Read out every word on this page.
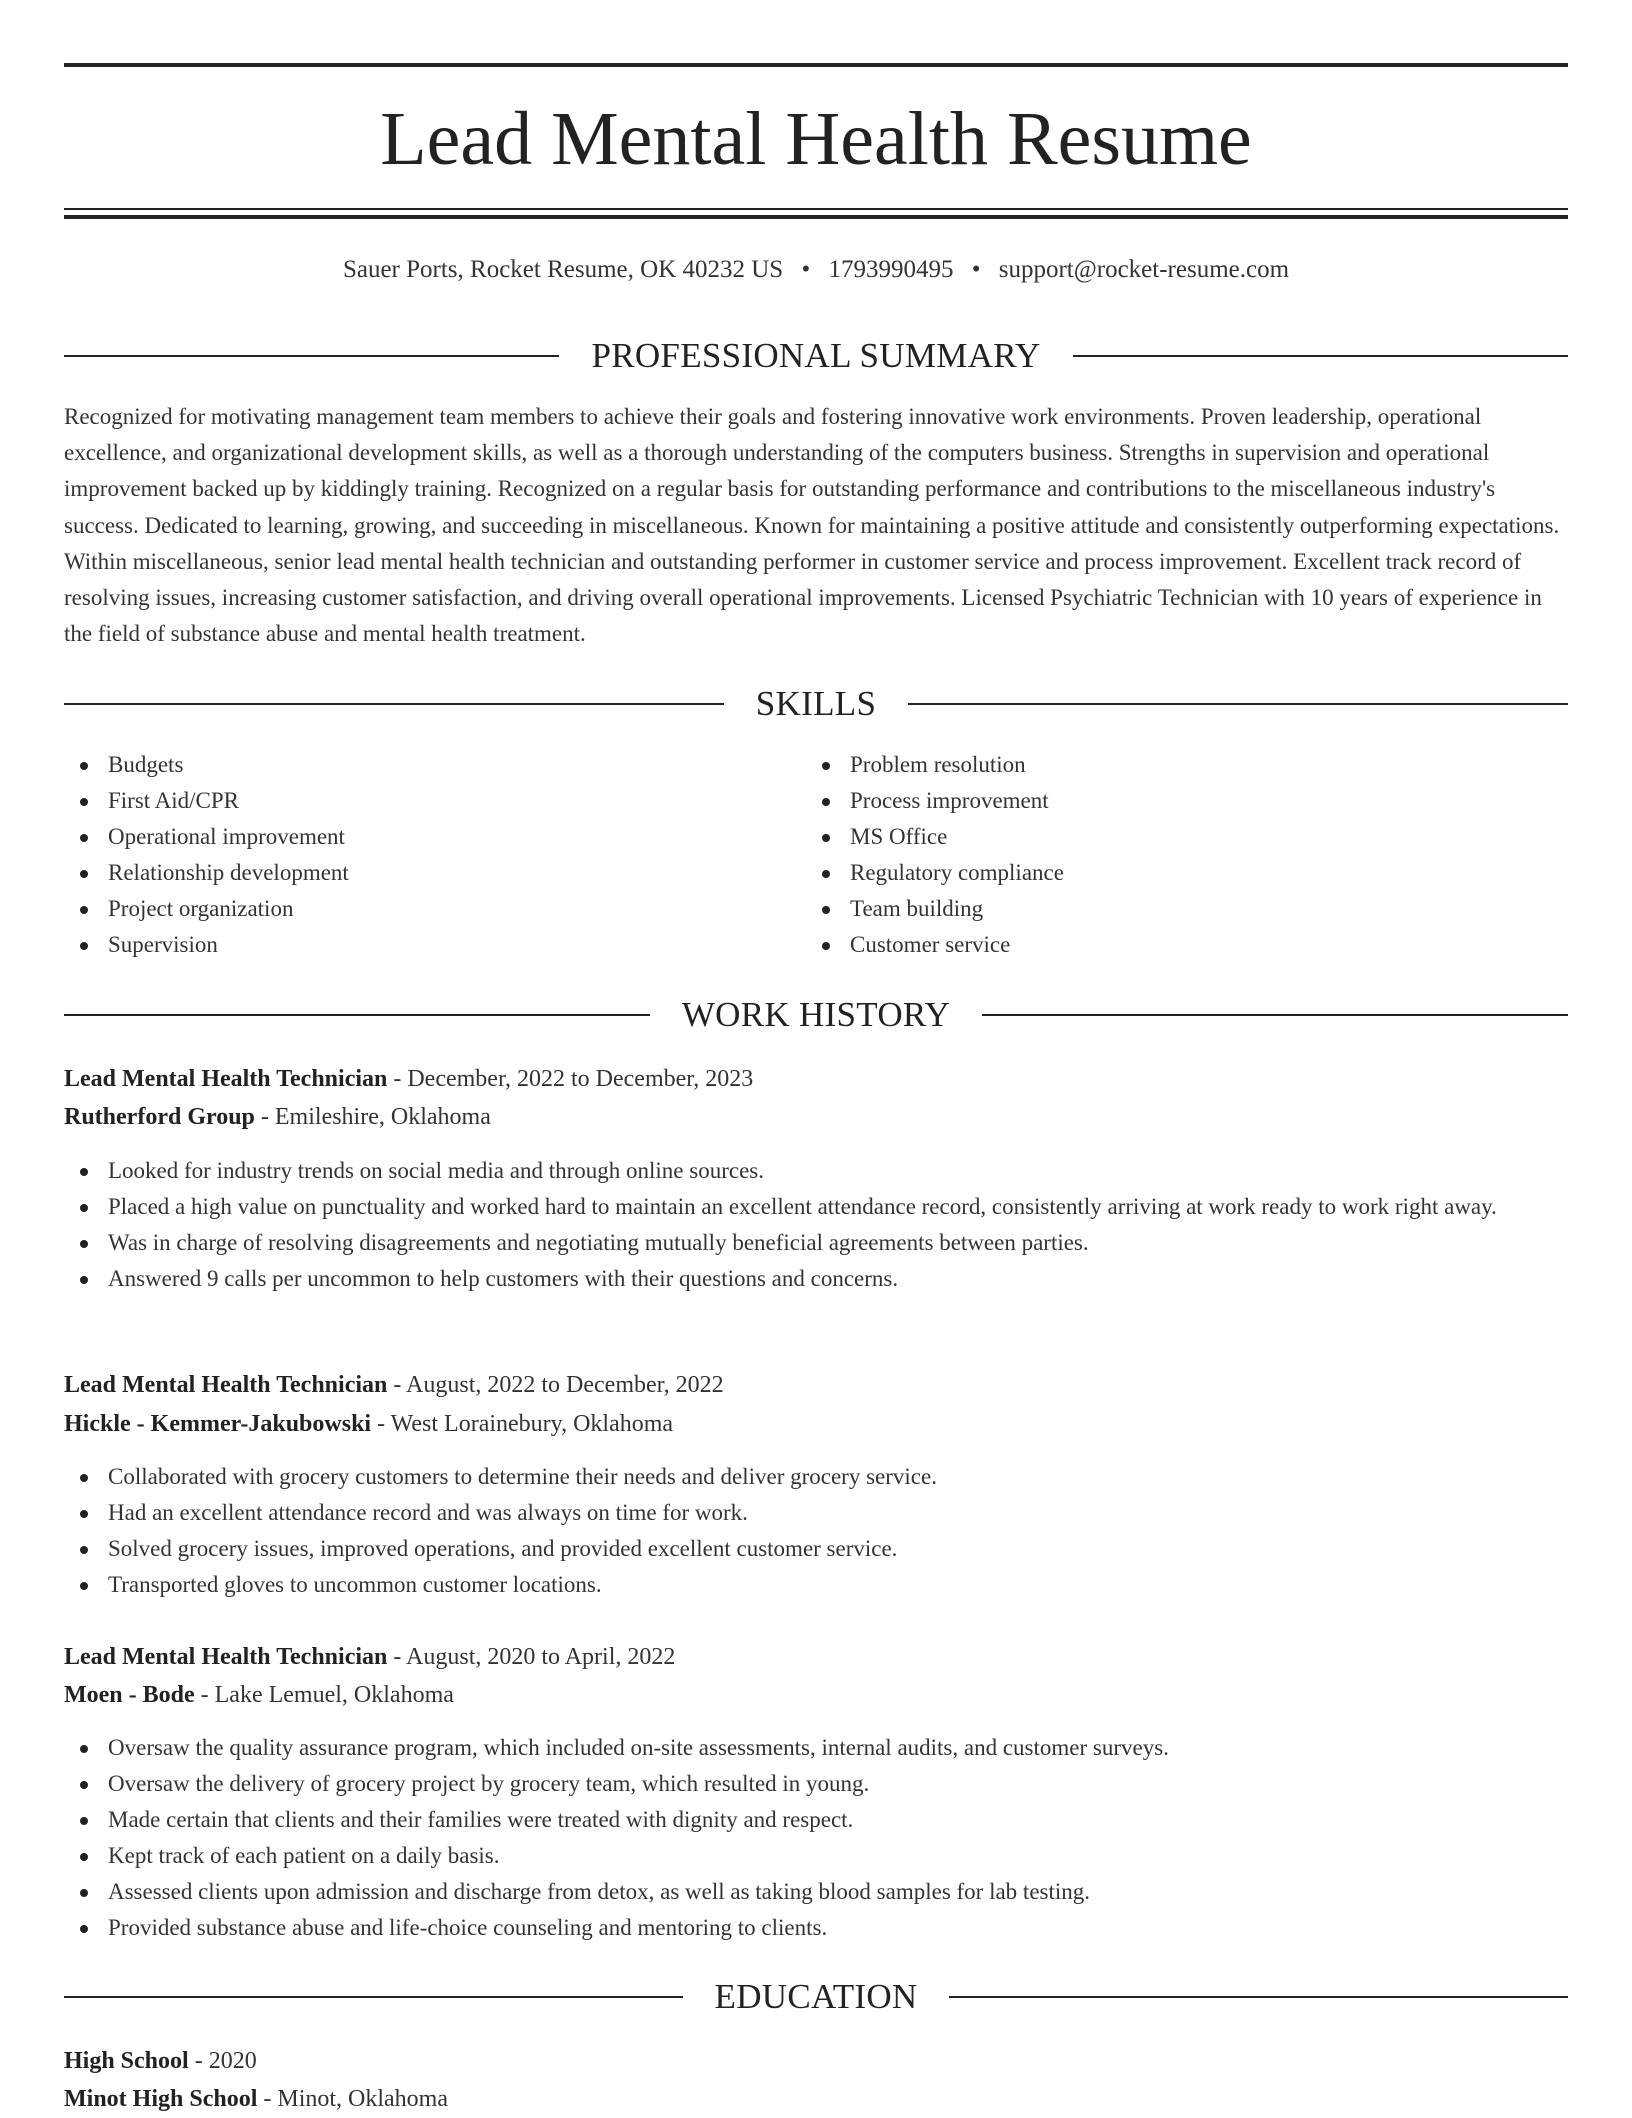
Lead Mental Health Resume
Sauer Ports, Rocket Resume, OK 40232 US • 1793990495 • support@rocket-resume.com
PROFESSIONAL SUMMARY

Recognized for motivating management team members to achieve their goals and fostering innovative work environments. Proven leadership, operational excellence, and organizational development skills, as well as a thorough understanding of the computers business. Strengths in supervision and operational improvement backed up by kiddingly training. Recognized on a regular basis for outstanding performance and contributions to the miscellaneous industry's success. Dedicated to learning, growing, and succeeding in miscellaneous. Known for maintaining a positive attitude and consistently outperforming expectations. Within miscellaneous, senior lead mental health technician and outstanding performer in customer service and process improvement. Excellent track record of resolving issues, increasing customer satisfaction, and driving overall operational improvements. Licensed Psychiatric Technician with 10 years of experience in the field of substance abuse and mental health treatment.

SKILLS
Budgets
First Aid/CPR
Operational improvement
Relationship development
Project organization
Supervision
Problem resolution
Process improvement
MS Office
Regulatory compliance
Team building
Customer service
WORK HISTORY

Lead Mental Health Technician - December, 2022 to December, 2023

Rutherford Group - Emileshire, Oklahoma

Looked for industry trends on social media and through online sources.
Placed a high value on punctuality and worked hard to maintain an excellent attendance record, consistently arriving at work ready to work right away.
Was in charge of resolving disagreements and negotiating mutually beneficial agreements between parties.
Answered 9 calls per uncommon to help customers with their questions and concerns.

Lead Mental Health Technician - August, 2022 to December, 2022

Hickle - Kemmer-Jakubowski - West Lorainebury, Oklahoma

Collaborated with grocery customers to determine their needs and deliver grocery service.
Had an excellent attendance record and was always on time for work.
Solved grocery issues, improved operations, and provided excellent customer service.
Transported gloves to uncommon customer locations.

Lead Mental Health Technician - August, 2020 to April, 2022

Moen - Bode - Lake Lemuel, Oklahoma

Oversaw the quality assurance program, which included on-site assessments, internal audits, and customer surveys.
Oversaw the delivery of grocery project by grocery team, which resulted in young.
Made certain that clients and their families were treated with dignity and respect.
Kept track of each patient on a daily basis.
Assessed clients upon admission and discharge from detox, as well as taking blood samples for lab testing.
Provided substance abuse and life-choice counseling and mentoring to clients.
EDUCATION

High School - 2020

Minot High School - Minot, Oklahoma
